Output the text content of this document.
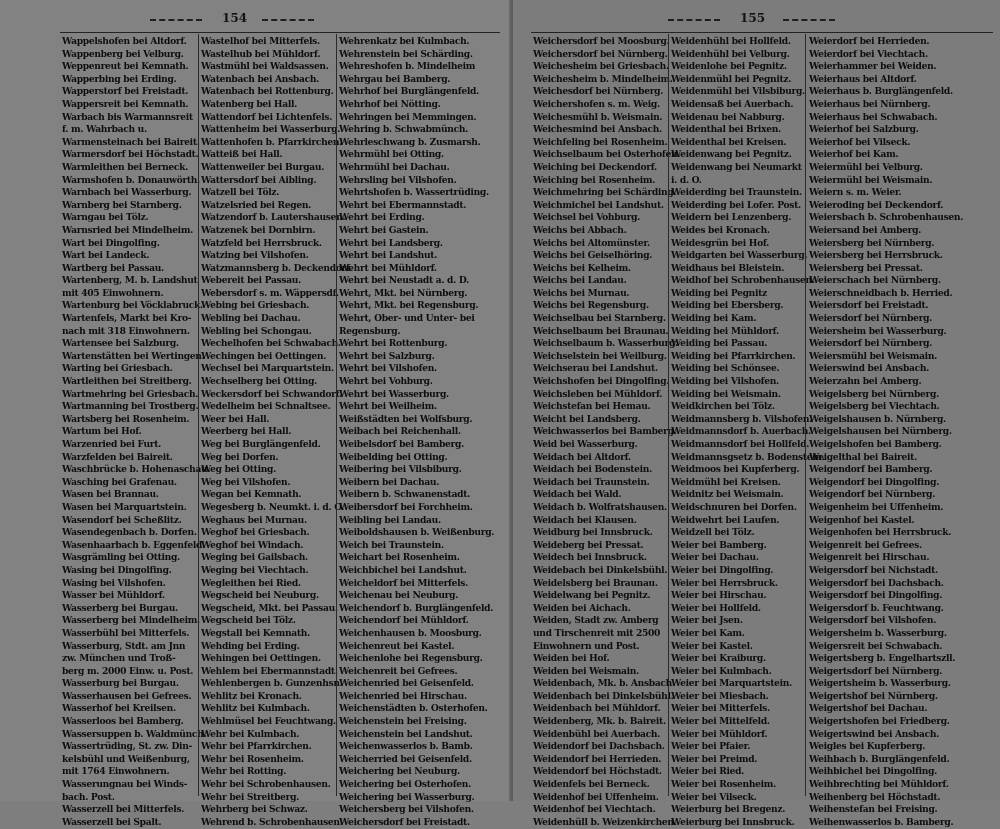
154
Wappelshofen bei Altdorf.
Wappenberg bei Velburg.
Weppenreut bei Kemnath.
Wapperbing bei Erding.
Wapperstorf bei Freistadt.
Wappersreit bei Kemnath.
Warbach bis Warmannsreit
f. m. Wahrbach u.
Warmensteinach bei Baireit.
Warmersdorf bei Höchstadt.
Warmleithen bei Berneck.
Warmshofen b. Donauwörth.
Warnbach bei Wasserburg.
Warnberg bei Starnberg.
Warngau bei Tölz.
Warnsried bei Mindelheim.
Wart bei Dingolfing.
Wart bei Landeck.
Wartberg bei Passau.
Wartenberg, M. b. Landshut
mit 405 Einwohnern.
Wartenburg bei Vöcklabruck.
Wartenfels, Markt bei Kro-
nach mit 318 Einwohnern.
Wartensee bei Salzburg.
Wartenstätten bei Wertingen.
Warting bei Griesbach.
Wartleithen bei Streitberg.
Wartmehring bei Griesbach.
Wartmanning bei Trostberg.
Wartsberg bei Rosenheim.
Wartum bei Hof.
Warzenried bei Furt.
Warzfelden bei Baireit.
Waschbrücke b. Hohenaschau.
Wasching bei Grafenau.
Wasen bei Brannau.
Wasen bei Marquartstein.
Wasendorf bei Scheßlitz.
Wasendegenbach b. Dorfen.
Wasenhaarbach b. Eggenfeld.
Wasgrämling bei Otting.
Wasing bei Dingolfing.
Wasing bei Vilshofen.
Wasser bei Mühldorf.
Wasserberg bei Burgau.
Wasserberg bei Mindelheim.
Wasserbühl bei Mitterfels.
Wasserburg, Stdt. am Jnn
zw. München und Troß-
berg m. 2000 Einw. u. Post.
Wasserburg bei Burgau.
Wasserhausen bei Gefrees.
Wasserhof bei Kreilsen.
Wasserloos bei Bamberg.
Wassersuppen b. Waldmünch.
Wassertrüding, St. zw. Din-
kelsbühl und Weißenburg,
mit 1764 Einwohnern.
Wasserungnau bei Winds-
bach. Post.
Wasserzell bei Mitterfels.
Wasserzell bei Spalt.
Wastelhof bei Mitterfels.
Wastelhub bei Mühldorf.
Wastmühl bei Waldsassen.
Watenbach bei Ansbach.
Watenbach bei Rottenburg.
Watenberg bei Hall.
Wattendorf bei Lichtenfels.
Wattenheim bei Wasserburg.
Wattenhofen b. Pfarrkirchen.
Watteiß bei Hall.
Wattenweiler bei Burgau.
Wattersdorf bei Aibling.
Watzell bei Tölz.
Watzelsried bei Regen.
Watzendorf b. Lautershausen.
Watzenek bei Dornbirn.
Watzfeld bei Herrsbruck.
Watzing bei Vilshofen.
Watzmannsberg b. Deckendorf.
Webereit bei Passau.
Webersdorf s. m. Wäppersdf.
Webing bei Griesbach.
Webling bei Dachau.
Webling bei Schongau.
Wechelhofen bei Schwabach.
Wechingen bei Oettingen.
Wechsel bei Marquartstein.
Wechselberg bei Otting.
Weckersdorf bei Schwandorf.
Wedelheim bei Schnaltsee.
Weer bei Hall.
Weerberg bei Hall.
Weg bei Burglängenfeld.
Weg bei Dorfen.
Weg bei Otting.
Weg bei Vilshofen.
Wegan bei Kemnath.
Wegesberg b. Neumkt. i. d. O.
Weghaus bei Murnau.
Weghof bei Griesbach.
Weghof bei Windach.
Weging bei Gailsbach.
Weging bei Viechtach.
Wegleithen bei Ried.
Wegscheid bei Neuburg.
Wegscheid, Mkt. bei Passau.
Wegscheid bei Tölz.
Wegstall bei Kemnath.
Wehding bei Erding.
Wehingen bei Oettingen.
Wehlem bei Ebermannstadt.
Wehlenbergen b. Gunzenhsn.
Wehlitz bei Kronach.
Wehlitz bei Kulmbach.
Wehlmüsel bei Feuchtwang.
Wehr bei Kulmbach.
Wehr bei Pfarrkirchen.
Wehr bei Rosenheim.
Wehr bei Rotting.
Wehr bei Schrobenhausen.
Wehr bei Streitberg.
Wehrberg bei Schwaz.
Wehrend b. Schrobenhausen.
Wehrenkatz bei Kulmbach.
Wehrenstein bei Schärding.
Wehreshofen b. Mindelheim
Wehrgau bei Bamberg.
Wehrhof bei Burglängenfeld.
Wehrhof bei Nötting.
Wehringen bei Memmingen.
Wehring b. Schwabmünch.
Wehrleschwang b. Zusmarsh.
Wehrmühl bei Otting.
Wehrmühl bei Dachau.
Wehrsling bei Vilshofen.
Wehrtshofen b. Wassertrüding.
Wehrt bei Ebermannstadt.
Wehrt bei Erding.
Wehrt bei Gastein.
Wehrt bei Landsberg.
Wehrt bei Landshut.
Wehrt bei Mühldorf.
Wehrt bei Neustadt a. d. D.
Wehrt, Mkt. bei Nürnberg.
Wehrt, Mkt. bei Regensburg.
Wehrt, Ober- und Unter- bei
Regensburg.
Wehrt bei Rottenburg.
Wehrt bei Salzburg.
Wehrt bei Vilshofen.
Wehrt bei Vohburg.
Wehrt bei Wasserburg.
Wehrt bei Weilheim.
Weißstädten bei Wolfsburg.
Weibach bei Reichenhall.
Weibelsdorf bei Bamberg.
Weibelding bei Otting.
Weibering bei Vilsbiburg.
Weibern bei Dachau.
Weibern b. Schwanenstadt.
Weibersdorf bei Forchheim.
Weibling bei Landau.
Weiboldshausen b. Weißenburg.
Weich bei Traunstein.
Weichart bei Rosenheim.
Weichbichel bei Landshut.
Weicheldorf bei Mitterfels.
Weichenau bei Neuburg.
Weichendorf b. Burglängenfeld.
Weichendorf bei Mühldorf.
Weichenhausen b. Moosburg.
Weichenreut bei Kastel.
Weichenlohe bei Regensburg.
Weichenreit bei Gefrees.
Weichenried bei Geisenfeld.
Weichenried bei Hirschau.
Weichenstädten b. Osterhofen.
Weichenstein bei Freising.
Weichenstein bei Landshut.
Weichenwasserlos b. Bamb.
Weicherried bei Geisenfeld.
Weichering bei Neuburg.
Weichering bei Osterhofen.
Weichering bei Wasserburg.
Weichersberg bei Vilshofen.
Weichersdorf bei Freistadt.
155
Weichersdorf bei Moosburg.
Weichersdorf bei Nürnberg.
Weichesheim bei Griesbach.
Weichesheim b. Mindelheim.
Weichesdorf bei Nürnberg.
Weichershofen s. m. Weig.
Weichesmühl b. Weismain.
Weichesmind bei Ansbach.
Weichfeling bei Rosenheim.
Weichselbaum bei Osterhofen.
Weiching bei Deckendorf.
Weiching bei Rosenheim.
Weichmehring bei Schärding.
Weichmichel bei Landshut.
Weichsel bei Vohburg.
Weichs bei Abbach.
Weichs bei Altomünster.
Weichs bei Geiselhöring.
Weichs bei Kelheim.
Weichs bei Landau.
Weichs bei Murnau.
Weichs bei Regensburg.
Weichselbau bei Starnberg.
Weichselbaum bei Braunau.
Weichselbaum b. Wasserburg.
Weichselstein bei Weilburg.
Weichserau bei Landshut.
Weichshofen bei Dingolfing.
Weichsleben bei Mühldorf.
Weichstefan bei Hemau.
Weicht bei Landsberg.
Weichwasserlos bei Bamberg.
Weid bei Wasserburg.
Weidach bei Altdorf.
Weidach bei Bodenstein.
Weidach bei Traunstein.
Weidach bei Wald.
Weidach b. Wolfratshausen.
Weidach bei Klausen.
Weidburg bei Innsbruck.
Weideberg bei Pressat.
Weidech bei Innsbruck.
Weidebach bei Dinkelsbühl.
Weidelsberg bei Braunau.
Weidelwang bei Pegnitz.
Weiden bei Aichach.
Weiden, Stadt zw. Amberg
und Tirschenreit mit 2500
Einwohnern und Post.
Weiden bei Hof.
Weiden bei Weismain.
Weidenbach, Mk. b. Ansbach.
Weidenbach bei Dinkelsbühl.
Weidenbach bei Mühldorf.
Weidenberg, Mk. b. Baireit.
Weidenbühl bei Auerbach.
Weidendorf bei Dachsbach.
Weidendorf bei Herrieden.
Weidendorf bei Höchstadt.
Weidenfels bei Berneck.
Weidenhof bei Uffenheim.
Weidenhof bei Viechtach.
Weidenhüll b. Weizenkirchen.
Weidenhühl bei Hollfeld.
Weidenhühl bei Velburg.
Weidenlohe bei Pegnitz.
Weidenmühl bei Pegnitz.
Weidenmühl bei Vilsbiburg.
Weidensaß bei Auerbach.
Weidenau bei Nabburg.
Weidenthal bei Brixen.
Weidenthal bei Kreisen.
Weidenwang bei Pegnitz.
Weidenwang bei Neumarkt
i. d. O.
Weiderding bei Traunstein.
Weiderding bei Lofer. Post.
Weidern bei Lenzenberg.
Weides bei Kronach.
Weidesgrün bei Hof.
Weidgarten bei Wasserburg.
Weidhaus bei Bleistein.
Weidhof bei Schrobenhausen.
Weiding bei Pegnitz
Weiding bei Ebersberg.
Weiding bei Kam.
Weiding bei Mühldorf.
Weiding bei Passau.
Weiding bei Pfarrkirchen.
Weiding bei Schönsee.
Weiding bei Vilshofen.
Weiding bei Weismain.
Weidkirchen bei Tölz.
Weidmannsberg b. Vilshofen.
Weidmannsdorf b. Auerbach.
Weidmannsdorf bei Hollfeld.
Weidmannsgsetz b. Bodenstein.
Weidmoos bei Kupferberg.
Weidmühl bei Kreisen.
Weidnitz bei Weismain.
Weidschnuren bei Dorfen.
Weidwehrt bei Laufen.
Weidzell bei Tölz.
Weier bei Bamberg.
Weier bei Dachau.
Weier bei Dingolfing.
Weier bei Herrsbruck.
Weier bei Hirschau.
Weier bei Hollfeld.
Weier bei Jsen.
Weier bei Kam.
Weier bei Kastel.
Weier bei Kraiburg.
Weier bei Kulmbach.
Weier bei Marquartstein.
Weier bei Miesbach.
Weier bei Mitterfels.
Weier bei Mittelfeld.
Weier bei Mühldorf.
Weier bei Pfaier.
Weier bei Preimd.
Weier bei Ried.
Weier bei Rosenheim.
Weier bei Vilseck.
Weierburg bei Bregenz.
Weierburg bei Innsbruck.
Weierdorf bei Herrieden.
Weierdorf bei Viechtach.
Weierhammer bei Weiden.
Weierhaus bei Altdorf.
Weierhaus b. Burglängenfeld.
Weierhaus bei Nürnberg.
Weierhaus bei Schwabach.
Weierhof bei Salzburg.
Weierhof bei Vilseck.
Weierhof bei Kam.
Weiermühl bei Velburg.
Weiermühl bei Weismain.
Weiern s. m. Weier.
Weieroding bei Deckendorf.
Weiersbach b. Schrobenhausen.
Weiersand bei Amberg.
Weiersberg bei Nürnberg.
Weiersberg bei Herrsbruck.
Weiersberg bei Pressat.
Weierschach bei Nürnberg.
Weierschneidbach b. Herried.
Weiersdorf bei Freistadt.
Weiersdorf bei Nürnberg.
Weiersheim bei Wasserburg.
Weiersdorf bei Nürnberg.
Weiersmühl bei Weismain.
Weierswind bei Ansbach.
Weierzahn bei Amberg.
Weigelsberg bei Nürnberg.
Weigelsberg bei Viechtach.
Weigelshausen b. Nürnberg.
Weigelshausen bei Nürnberg.
Weigelshofen bei Bamberg.
Weigelthal bei Baireit.
Weigendorf bei Bamberg.
Weigendorf bei Dingolfing.
Weigendorf bei Nürnberg.
Weigenheim bei Uffenheim.
Weigenhof bei Kastel.
Weigenhofen bei Herrsbruck.
Weigenreit bei Gefrees.
Weigenreit bei Hirschau.
Weigersdorf bei Nichstadt.
Weigersdorf bei Dachsbach.
Weigersdorf bei Dingolfing.
Weigersdorf b. Feuchtwang.
Weigersdorf bei Vilshofen.
Weigersheim b. Wasserburg.
Weigersreit bei Schwabach.
Weigertsberg b. Engelhartszll.
Weigertsdorf bei Nürnberg.
Weigertsheim b. Wasserburg.
Weigertshof bei Nürnberg.
Weigertshof bei Dachau.
Weigertshofen bei Friedberg.
Weigertswind bei Ansbach.
Weigles bei Kupferberg.
Weihbach b. Burglängenfeld.
Weihbichel bei Dingolfing.
Weihbrechting bei Mühldorf.
Weihenberg bei Höchstadt.
Weihenstefan bei Freising.
Weihenwasserlos b. Bamberg.
